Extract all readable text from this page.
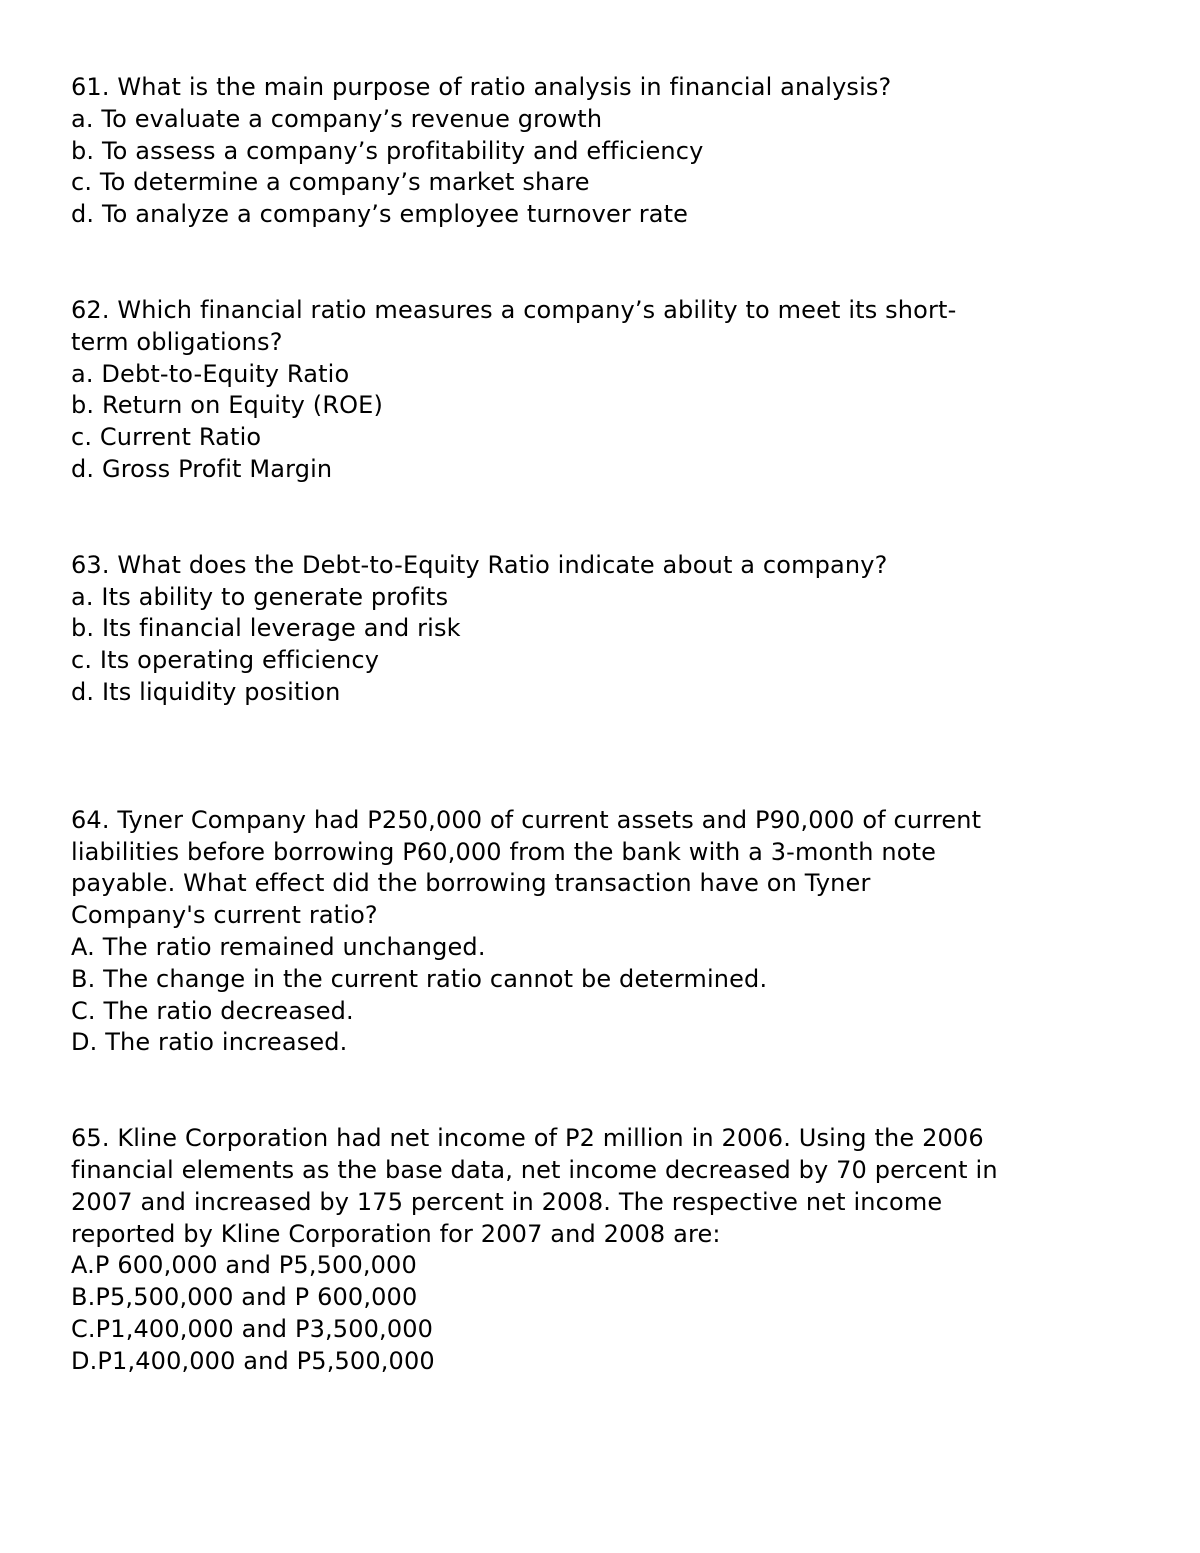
61. What is the main purpose of ratio analysis in financial analysis?
a. To evaluate a company’s revenue growth
b. To assess a company’s profitability and efficiency
c. To determine a company’s market share
d. To analyze a company’s employee turnover rate
62. Which financial ratio measures a company’s ability to meet its short-
term obligations?
a. Debt-to-Equity Ratio
b. Return on Equity (ROE)
c. Current Ratio
d. Gross Profit Margin
63. What does the Debt-to-Equity Ratio indicate about a company?
a. Its ability to generate profits
b. Its financial leverage and risk
c. Its operating efficiency
d. Its liquidity position
64. Tyner Company had P250,000 of current assets and P90,000 of current
liabilities before borrowing P60,000 from the bank with a 3-month note
payable. What effect did the borrowing transaction have on Tyner
Company's current ratio?
A. The ratio remained unchanged.
B. The change in the current ratio cannot be determined.
C. The ratio decreased.
D. The ratio increased.
65. Kline Corporation had net income of P2 million in 2006. Using the 2006
financial elements as the base data, net income decreased by 70 percent in
2007 and increased by 175 percent in 2008. The respective net income
reported by Kline Corporation for 2007 and 2008 are:
A.P 600,000 and P5,500,000
B.P5,500,000 and P 600,000
C.P1,400,000 and P3,500,000
D.P1,400,000 and P5,500,000
